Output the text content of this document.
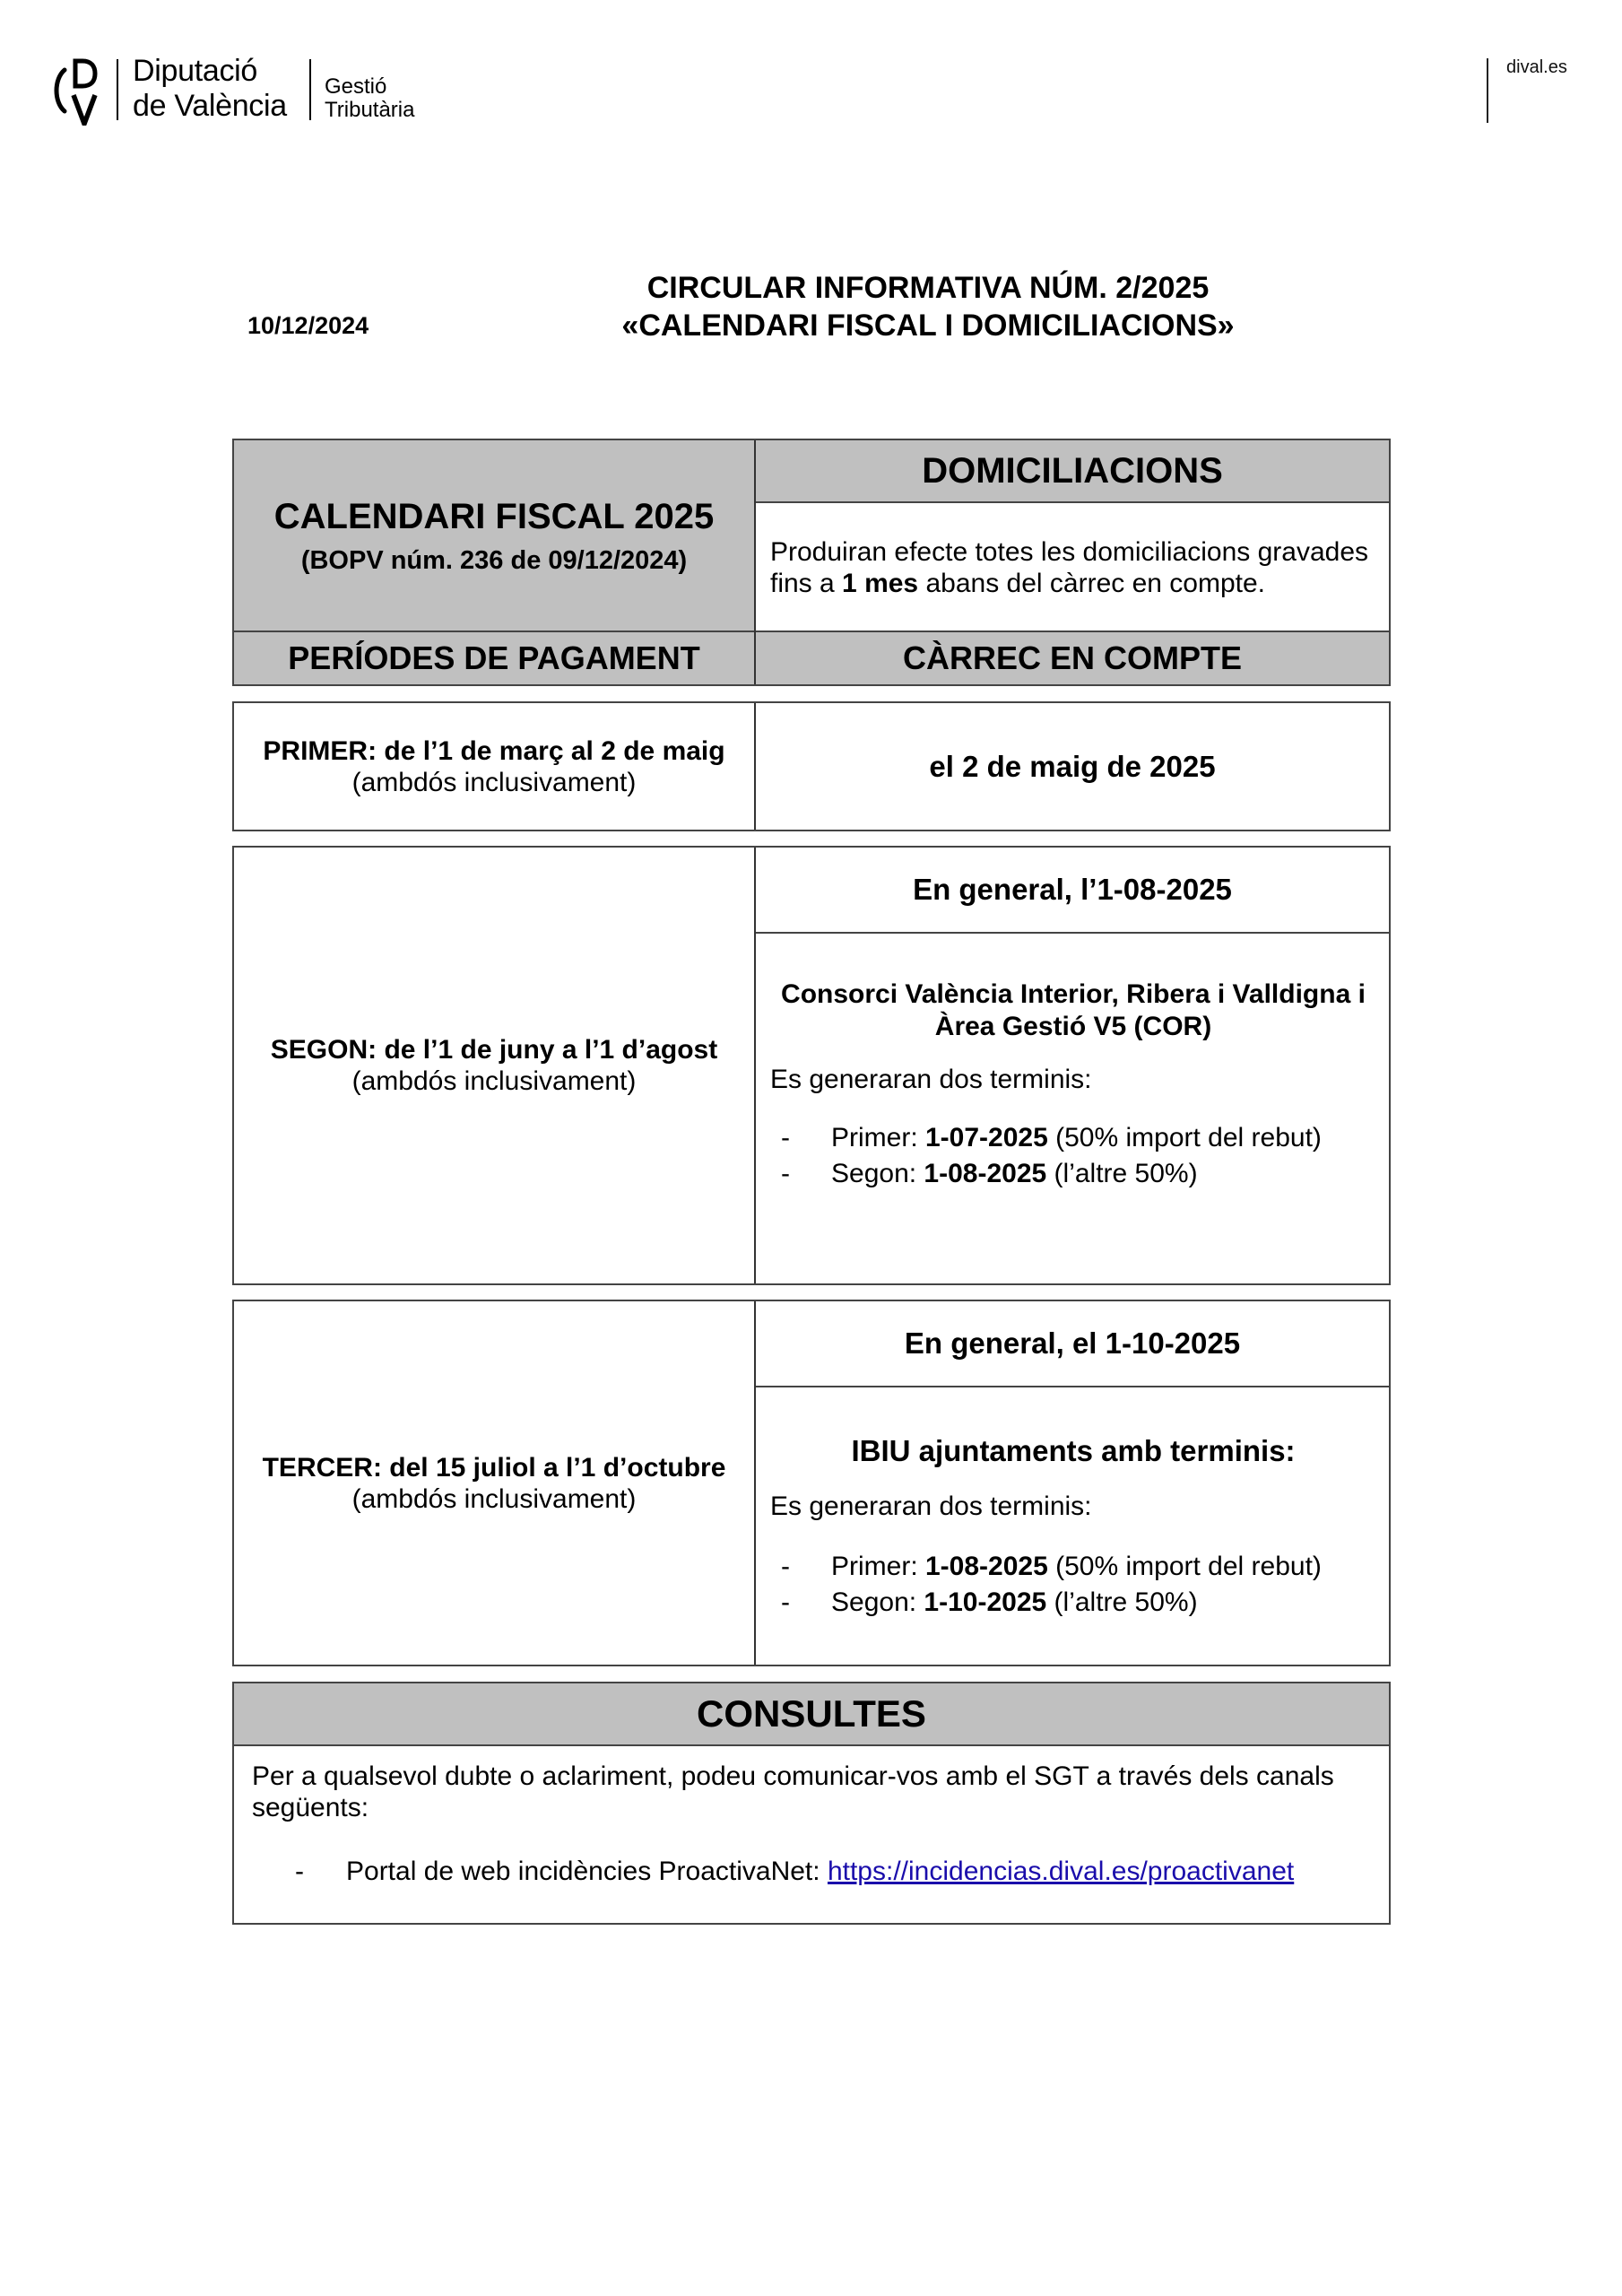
Diputació
de València
Gestió
Tributària
dival.es
10/12/2024
CIRCULAR INFORMATIVA NÚM. 2/2025
«CALENDARI FISCAL I DOMICILIACIONS»
CALENDARI FISCAL 2025
(BOPV núm. 236 de 09/12/2024)
DOMICILIACIONS
Produiran efecte totes les domiciliacions gravades fins a 1 mes abans del càrrec en compte.
PERÍODES DE PAGAMENT	CÀRREC EN COMPTE
PRIMER: de l’1 de març al 2 de maig
(ambdós inclusivament)	el 2 de maig de 2025
SEGON: de l’1 de juny a l’1 d’agost
(ambdós inclusivament)
En general, l’1-08-2025
Consorci València Interior, Ribera i Valldigna i Àrea Gestió V5 (COR)
Es generaran dos terminis:
- Primer: 1-07-2025 (50% import del rebut)
- Segon: 1-08-2025 (l’altre 50%)
TERCER: del 15 juliol a l’1 d’octubre
(ambdós inclusivament)
En general, el 1-10-2025
IBIU ajuntaments amb terminis:
Es generaran dos terminis:
- Primer: 1-08-2025 (50% import del rebut)
- Segon: 1-10-2025 (l’altre 50%)
CONSULTES
Per a qualsevol dubte o aclariment, podeu comunicar-vos amb el SGT a través dels canals següents:
- Portal de web incidències ProactivaNet: https://incidencias.dival.es/proactivanet
